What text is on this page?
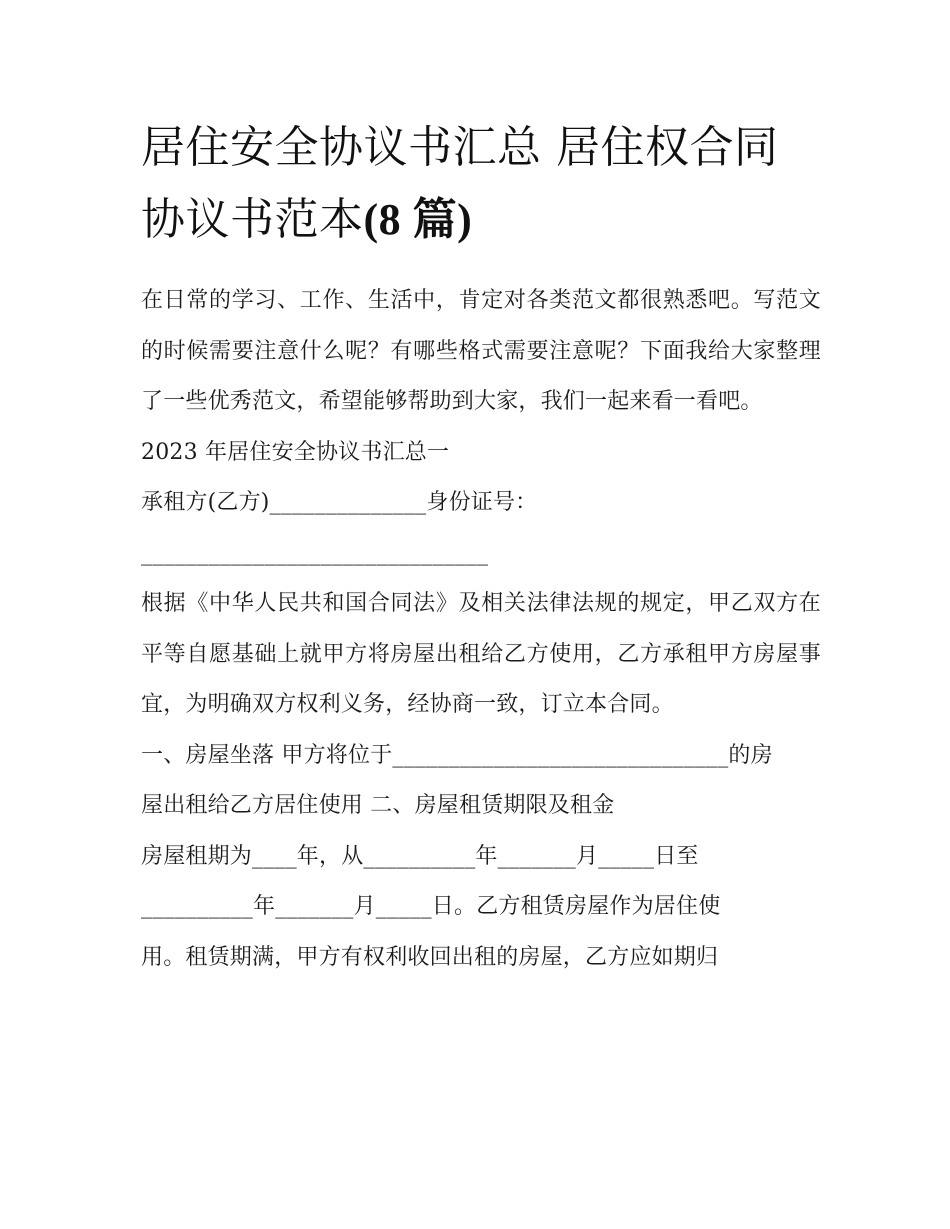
居住安全协议书汇总 居住权合同协议书范本(8 篇)

在日常的学习、工作、生活中，肯定对各类范文都很熟悉吧。写范文的时候需要注意什么呢？有哪些格式需要注意呢？下面我给大家整理了一些优秀范文，希望能够帮助到大家，我们一起来看一看吧。

2023 年居住安全协议书汇总一

承租方(乙方)______________身份证号：

_______________________________

根据《中华人民共和国合同法》及相关法律法规的规定，甲乙双方在平等自愿基础上就甲方将房屋出租给乙方使用，乙方承租甲方房屋事宜，为明确双方权利义务，经协商一致，订立本合同。

一、房屋坐落 甲方将位于______________________________的房

屋出租给乙方居住使用 二、房屋租赁期限及租金

房屋租期为____年，从__________年_______月_____日至

__________年_______月_____日。乙方租赁房屋作为居住使

用。租赁期满，甲方有权利收回出租的房屋，乙方应如期归
